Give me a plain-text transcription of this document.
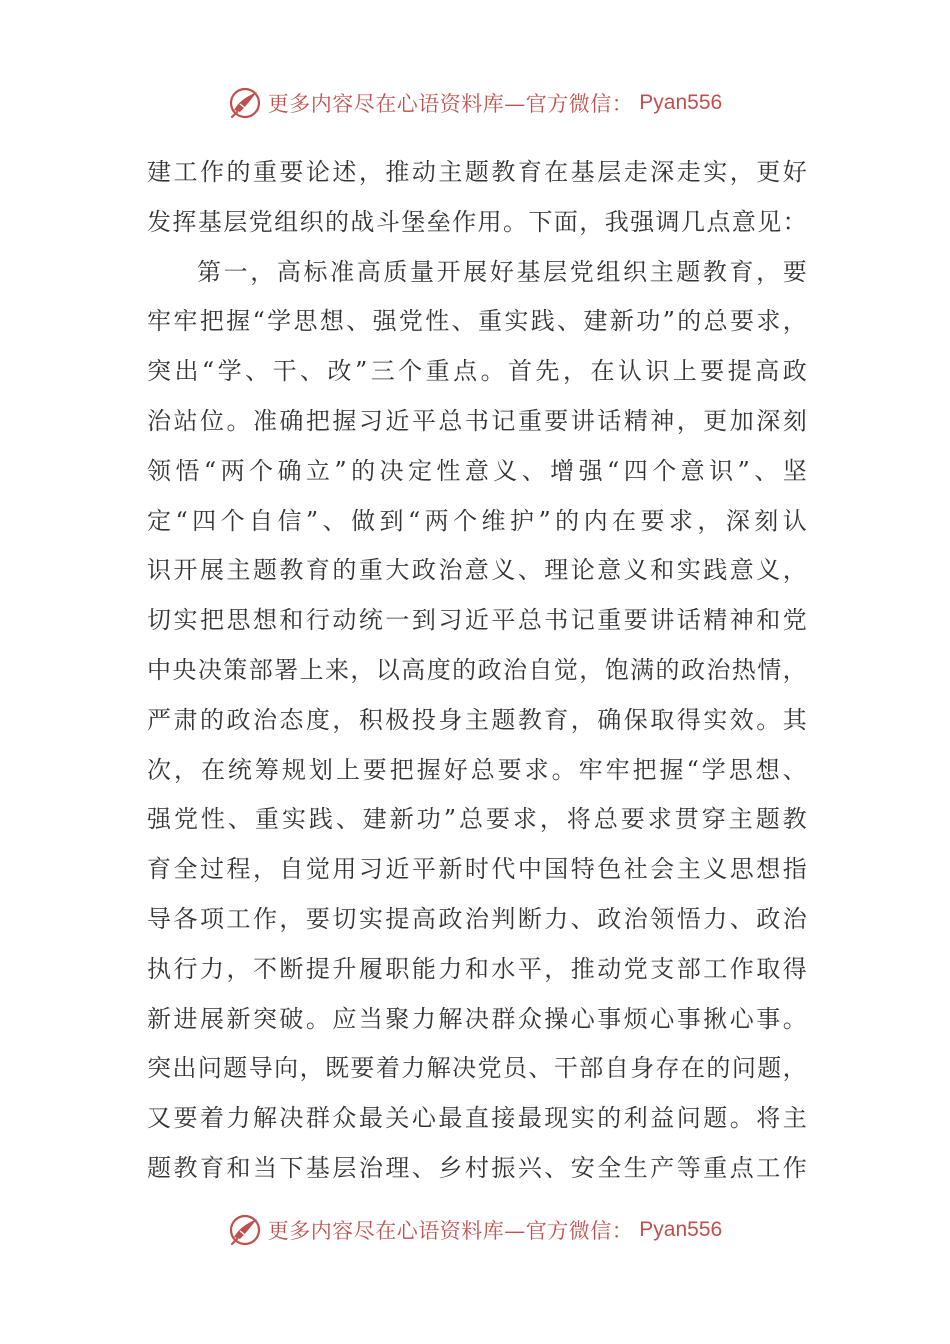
更多内容尽在心语资料库—官方微信： Pyan556
建工作的重要论述，推动主题教育在基层走深走实，更好
发挥基层党组织的战斗堡垒作用。下面，我强调几点意见：
第一，高标准高质量开展好基层党组织主题教育，要
牢牢把握“学思想、强党性、重实践、建新功”的总要求，
突出“学、干、改”三个重点。首先，在认识上要提高政
治站位。准确把握习近平总书记重要讲话精神，更加深刻
领悟“两个确立”的决定性意义、增强“四个意识”、坚
定“四个自信”、做到“两个维护”的内在要求，深刻认
识开展主题教育的重大政治意义、理论意义和实践意义，
切实把思想和行动统一到习近平总书记重要讲话精神和党
中央决策部署上来，以高度的政治自觉，饱满的政治热情，
严肃的政治态度，积极投身主题教育，确保取得实效。其
次，在统筹规划上要把握好总要求。牢牢把握“学思想、
强党性、重实践、建新功”总要求，将总要求贯穿主题教
育全过程，自觉用习近平新时代中国特色社会主义思想指
导各项工作，要切实提高政治判断力、政治领悟力、政治
执行力，不断提升履职能力和水平，推动党支部工作取得
新进展新突破。应当聚力解决群众操心事烦心事揪心事。
突出问题导向，既要着力解决党员、干部自身存在的问题，
又要着力解决群众最关心最直接最现实的利益问题。将主
题教育和当下基层治理、乡村振兴、安全生产等重点工作
更多内容尽在心语资料库—官方微信： Pyan556
